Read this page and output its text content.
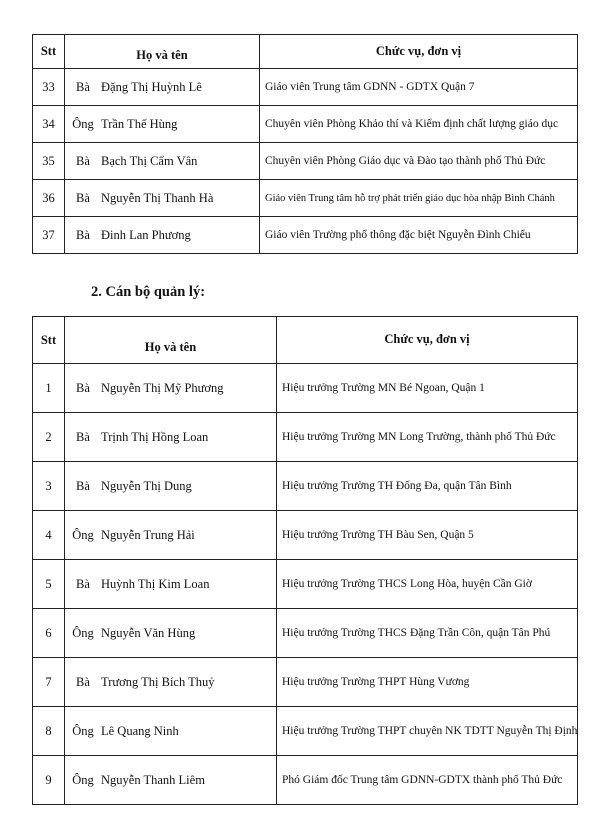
Stt	Họ và tên	Chức vụ, đơn vị
33	Bà Đặng Thị Huỳnh Lê	Giáo viên Trung tâm GDNN - GDTX Quận 7
34	Ông Trần Thế Hùng	Chuyên viên Phòng Khảo thí và Kiểm định chất lượng giáo dục
35	Bà Bạch Thị Cẩm Vân	Chuyên viên Phòng Giáo dục và Đào tạo thành phố Thủ Đức
36	Bà Nguyễn Thị Thanh Hà	Giáo viên Trung tâm hỗ trợ phát triển giáo dục hòa nhập Bình Chánh
37	Bà Đinh Lan Phương	Giáo viên Trường phổ thông đặc biệt Nguyễn Đình Chiểu
2. Cán bộ quản lý:
Stt	Họ và tên	Chức vụ, đơn vị
1	Bà Nguyễn Thị Mỹ Phương	Hiệu trưởng Trường MN Bé Ngoan, Quận 1
2	Bà Trịnh Thị Hồng Loan	Hiệu trưởng Trường MN Long Trường, thành phố Thủ Đức
3	Bà Nguyễn Thị Dung	Hiệu trưởng Trường TH Đống Đa, quận Tân Bình
4	Ông Nguyễn Trung Hải	Hiệu trưởng Trường TH Bàu Sen, Quận 5
5	Bà Huỳnh Thị Kim Loan	Hiệu trưởng Trường THCS Long Hòa, huyện Cần Giờ
6	Ông Nguyễn Văn Hùng	Hiệu trưởng Trường THCS Đặng Trần Côn, quận Tân Phú
7	Bà Trương Thị Bích Thuỷ	Hiệu trưởng Trường THPT Hùng Vương
8	Ông Lê Quang Ninh	Hiệu trưởng Trường THPT chuyên NK TDTT Nguyễn Thị Định
9	Ông Nguyễn Thanh Liêm	Phó Giám đốc Trung tâm GDNN-GDTX thành phố Thủ Đức
